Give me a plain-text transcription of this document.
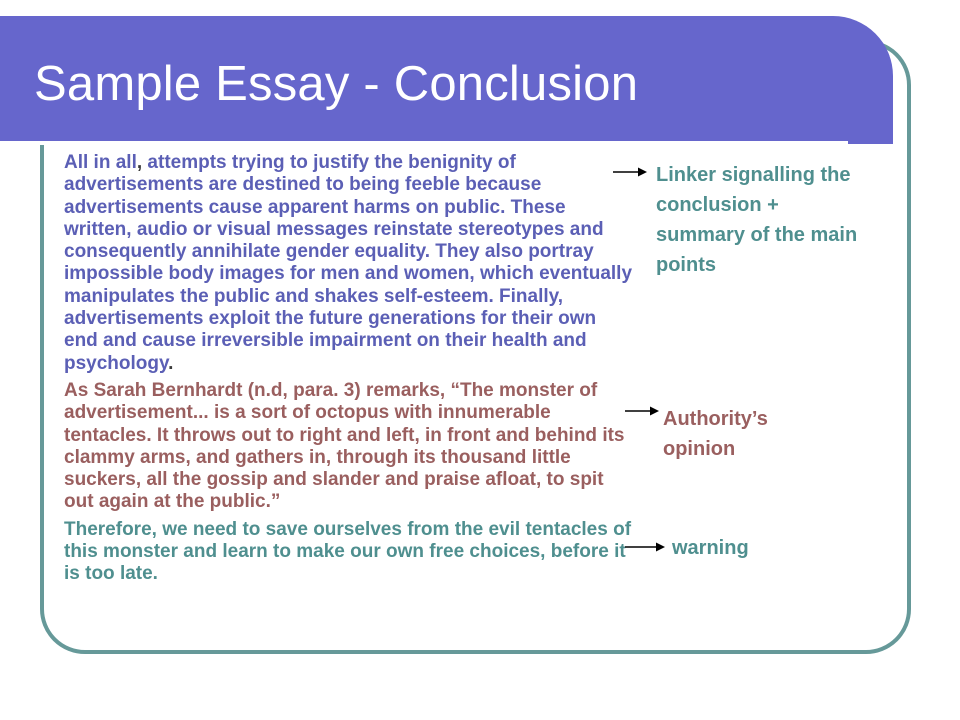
Sample Essay - Conclusion

All in all, attempts trying to justify the benignity of advertisements are destined to being feeble because advertisements cause apparent harms on public. These written, audio or visual messages reinstate stereotypes and consequently annihilate gender equality. They also portray impossible body images for men and women, which eventually manipulates the public and shakes self-esteem. Finally, advertisements exploit the future generations for their own end and cause irreversible impairment on their health and psychology.

As Sarah Bernhardt (n.d, para. 3) remarks, “The monster of advertisement... is a sort of octopus with innumerable tentacles. It throws out to right and left, in front and behind its clammy arms, and gathers in, through its thousand little suckers, all the gossip and slander and praise afloat, to spit out again at the public.”

Therefore, we need to save ourselves from the evil tentacles of this monster and learn to make our own free choices, before it is too late.

Linker signalling the conclusion + summary of the main points
Authority’s opinion
warning
